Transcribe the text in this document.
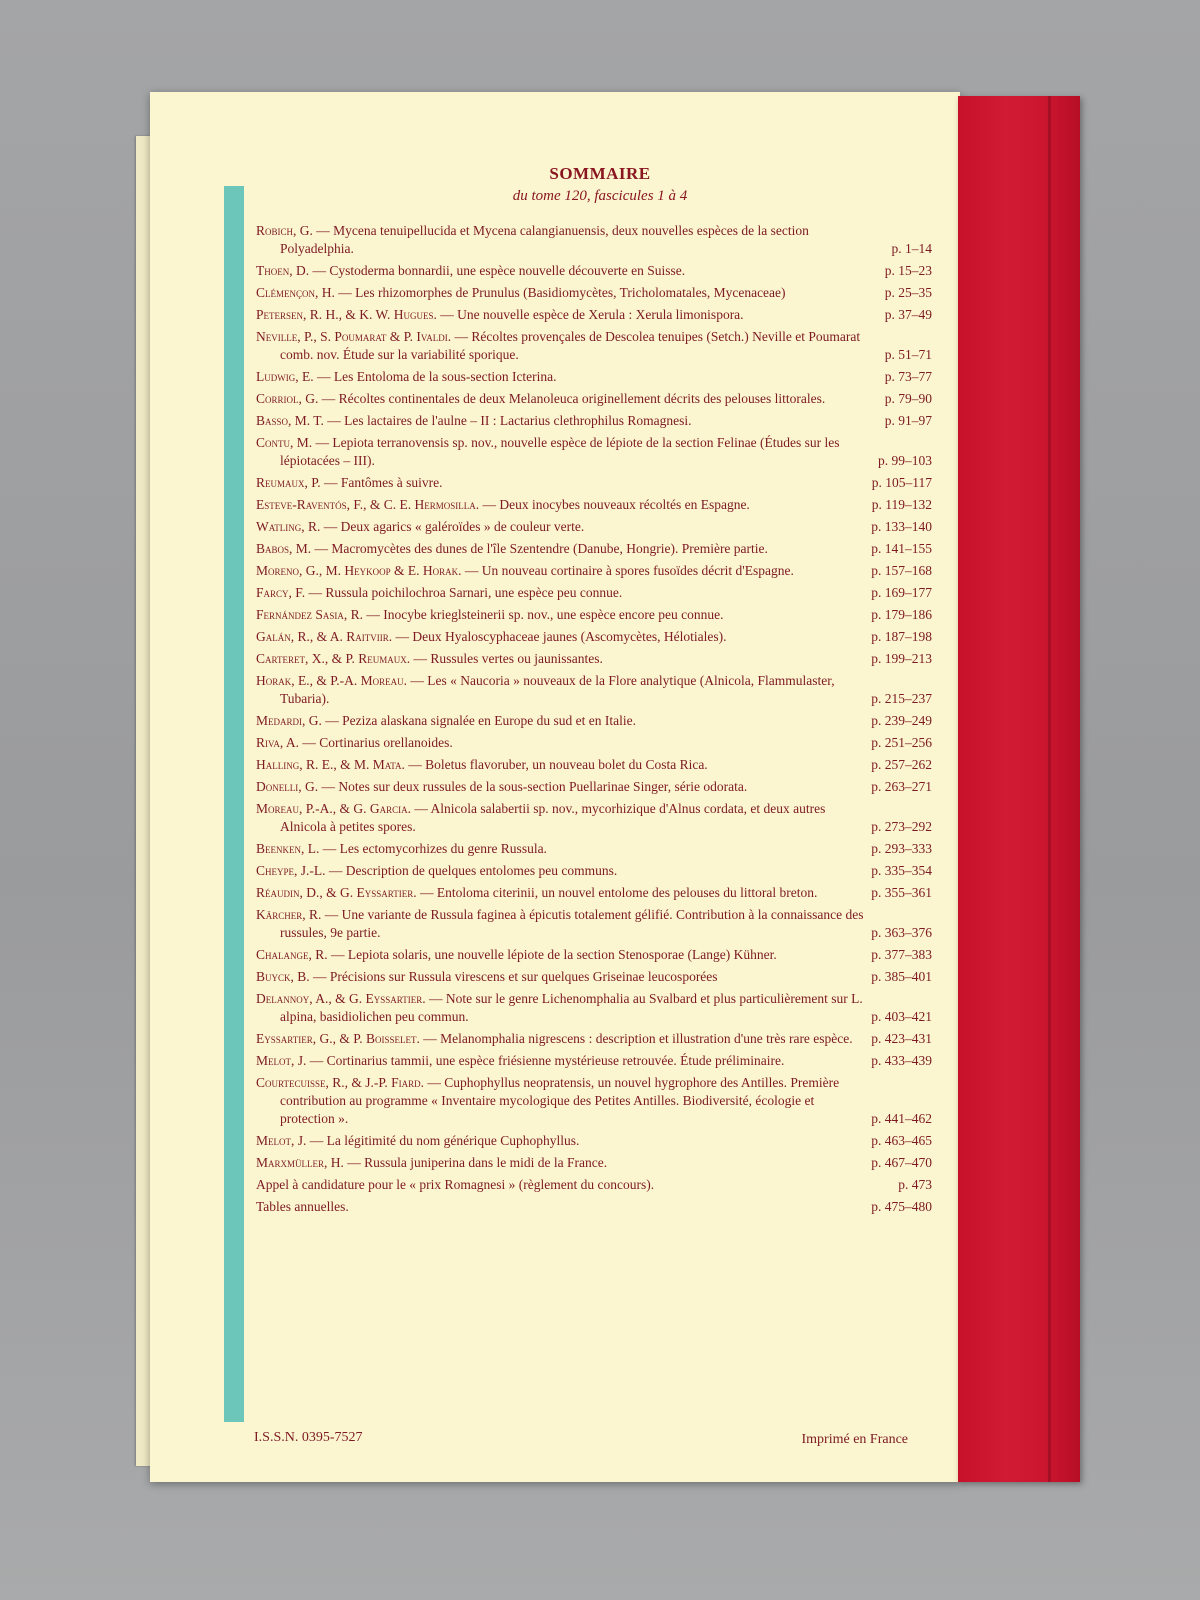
SOMMAIRE
du tome 120, fascicules 1 à 4
Robich, G. — Mycena tenuipellucida et Mycena calangianuensis, deux nouvelles espèces de la section Polyadelphia.	p. 1–14
Thoen, D. — Cystoderma bonnardii, une espèce nouvelle découverte en Suisse.	p. 15–23
Clémençon, H. — Les rhizomorphes de Prunulus (Basidiomycètes, Tricholomatales, Mycenaceae)	p. 25–35
Petersen, R. H., & K. W. Hugues. — Une nouvelle espèce de Xerula : Xerula limonispora.	p. 37–49
Neville, P., S. Poumarat & P. Ivaldi. — Récoltes provençales de Descolea tenuipes (Setch.) Neville et Poumarat comb. nov. Étude sur la variabilité sporique.	p. 51–71
Ludwig, E. — Les Entoloma de la sous-section Icterina.	p. 73–77
Corriol, G. — Récoltes continentales de deux Melanoleuca originellement décrits des pelouses littorales.	p. 79–90
Basso, M. T. — Les lactaires de l'aulne – II : Lactarius clethrophilus Romagnesi.	p. 91–97
Contu, M. — Lepiota terranovensis sp. nov., nouvelle espèce de lépiote de la section Felinae (Études sur les lépiotacées – III).	p. 99–103
Reumaux, P. — Fantômes à suivre.	p. 105–117
Esteve-Raventós, F., & C. E. Hermosilla. — Deux inocybes nouveaux récoltés en Espagne.	p. 119–132
Watling, R. — Deux agarics « galéroïdes » de couleur verte.	p. 133–140
Babos, M. — Macromycètes des dunes de l'île Szentendre (Danube, Hongrie). Première partie.	p. 141–155
Moreno, G., M. Heykoop & E. Horak. — Un nouveau cortinaire à spores fusoïdes décrit d'Espagne.	p. 157–168
Farcy, F. — Russula poichilochroa Sarnari, une espèce peu connue.	p. 169–177
Fernández Sasia, R. — Inocybe krieglsteinerii sp. nov., une espèce encore peu connue.	p. 179–186
Galán, R., & A. Raitviir. — Deux Hyaloscyphaceae jaunes (Ascomycètes, Hélotiales).	p. 187–198
Carteret, X., & P. Reumaux. — Russules vertes ou jaunissantes.	p. 199–213
Horak, E., & P.-A. Moreau. — Les « Naucoria » nouveaux de la Flore analytique (Alnicola, Flammulaster, Tubaria).	p. 215–237
Medardi, G. — Peziza alaskana signalée en Europe du sud et en Italie.	p. 239–249
Riva, A. — Cortinarius orellanoides.	p. 251–256
Halling, R. E., & M. Mata. — Boletus flavoruber, un nouveau bolet du Costa Rica.	p. 257–262
Donelli, G. — Notes sur deux russules de la sous-section Puellarinae Singer, série odorata.	p. 263–271
Moreau, P.-A., & G. Garcia. — Alnicola salabertii sp. nov., mycorhizique d'Alnus cordata, et deux autres Alnicola à petites spores.	p. 273–292
Beenken, L. — Les ectomycorhizes du genre Russula.	p. 293–333
Cheype, J.-L. — Description de quelques entolomes peu communs.	p. 335–354
Réaudin, D., & G. Eyssartier. — Entoloma citerinii, un nouvel entolome des pelouses du littoral breton.	p. 355–361
Kärcher, R. — Une variante de Russula faginea à épicutis totalement gélifié. Contribution à la connaissance des russules, 9e partie.	p. 363–376
Chalange, R. — Lepiota solaris, une nouvelle lépiote de la section Stenosporae (Lange) Kühner.	p. 377–383
Buyck, B. — Précisions sur Russula virescens et sur quelques Griseinae leucosporées	p. 385–401
Delannoy, A., & G. Eyssartier. — Note sur le genre Lichenomphalia au Svalbard et plus particulièrement sur L. alpina, basidiolichen peu commun.	p. 403–421
Eyssartier, G., & P. Boisselet. — Melanomphalia nigrescens : description et illustration d'une très rare espèce.	p. 423–431
Melot, J. — Cortinarius tammii, une espèce friésienne mystérieuse retrouvée. Étude préliminaire.	p. 433–439
Courtecuisse, R., & J.-P. Fiard. — Cuphophyllus neopratensis, un nouvel hygrophore des Antilles. Première contribution au programme « Inventaire mycologique des Petites Antilles. Biodiversité, écologie et protection ».	p. 441–462
Melot, J. — La légitimité du nom générique Cuphophyllus.	p. 463–465
Marxmüller, H. — Russula juniperina dans le midi de la France.	p. 467–470
Appel à candidature pour le « prix Romagnesi » (règlement du concours).	p. 473
Tables annuelles.	p. 475–480
I.S.S.N. 0395-7527	Imprimé en France
